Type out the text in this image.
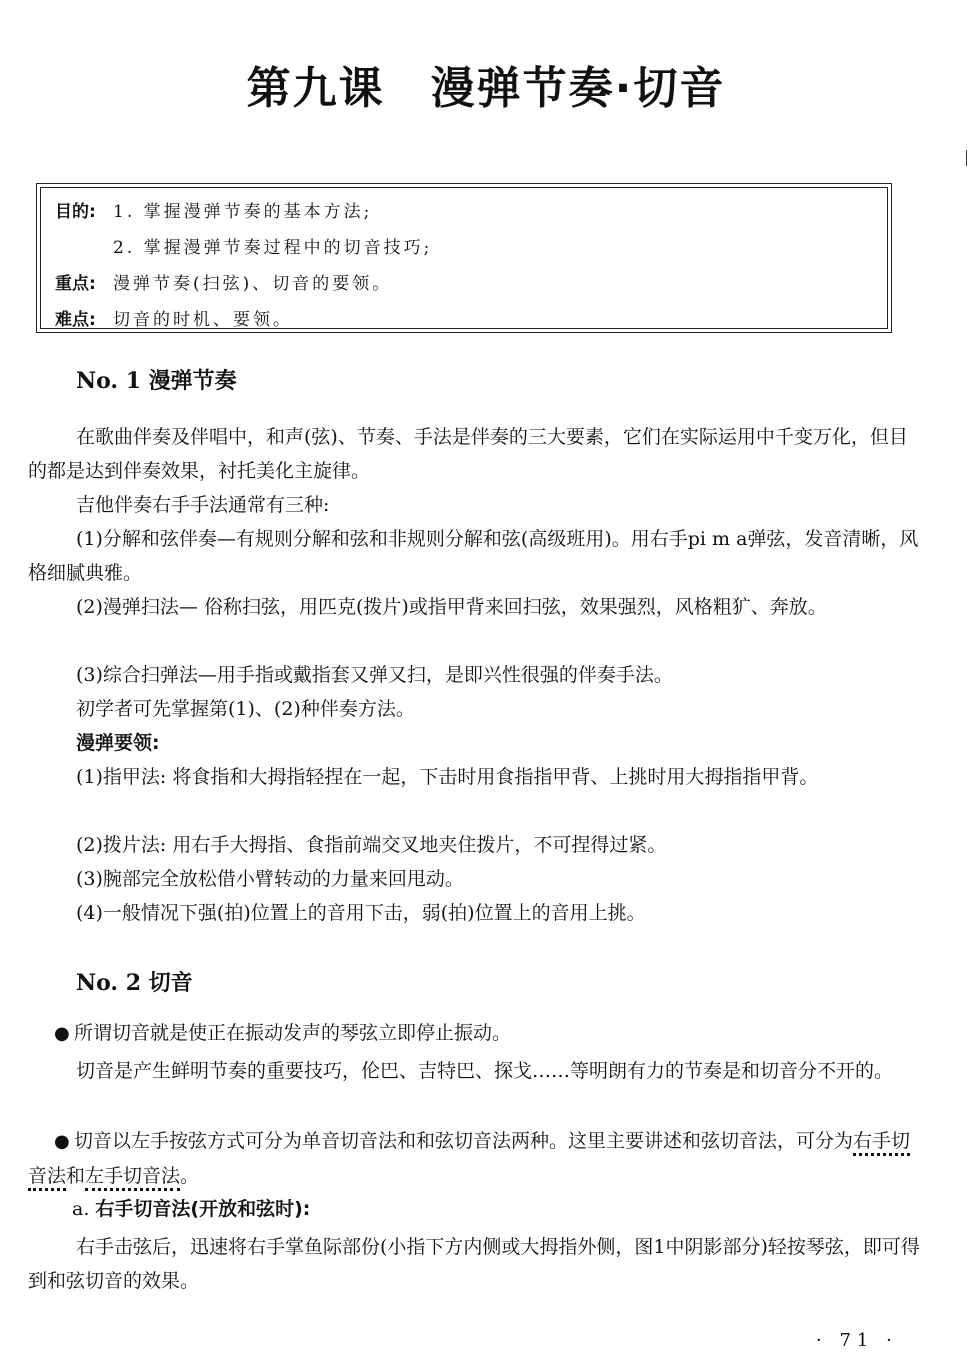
第九课　漫弹节奏·切音
目的: 1. 掌握漫弹节奏的基本方法;
2. 掌握漫弹节奏过程中的切音技巧;
重点: 漫弹节奏(扫弦)、切音的要领。
难点: 切音的时机、要领。
No. 1 漫弹节奏

在歌曲伴奏及伴唱中，和声(弦)、节奏、手法是伴奏的三大要素，它们在实际运用中千变万化，但目的都是达到伴奏效果，衬托美化主旋律。

吉他伴奏右手手法通常有三种:

(1)分解和弦伴奏—有规则分解和弦和非规则分解和弦(高级班用)。用右手pi m a弹弦，发音清晰，风格细腻典雅。

(2)漫弹扫法— 俗称扫弦，用匹克(拨片)或指甲背来回扫弦，效果强烈，风格粗犷、奔放。

(3)综合扫弹法—用手指或戴指套又弹又扫，是即兴性很强的伴奏手法。

初学者可先掌握第(1)、(2)种伴奏方法。

漫弹要领:

(1)指甲法: 将食指和大拇指轻捏在一起，下击时用食指指甲背、上挑时用大拇指指甲背。

(2)拨片法: 用右手大拇指、食指前端交叉地夹住拨片，不可捏得过紧。

(3)腕部完全放松借小臂转动的力量来回甩动。

(4)一般情况下强(拍)位置上的音用下击，弱(拍)位置上的音用上挑。

No. 2 切音

● 所谓切音就是使正在振动发声的琴弦立即停止振动。

切音是产生鲜明节奏的重要技巧，伦巴、吉特巴、探戈……等明朗有力的节奏是和切音分不开的。

● 切音以左手按弦方式可分为单音切音法和和弦切音法两种。这里主要讲述和弦切音法，可分为右手切音法和左手切音法。

a. 右手切音法(开放和弦时):

右手击弦后，迅速将右手掌鱼际部份(小指下方内侧或大拇指外侧，图1中阴影部分)轻按琴弦，即可得到和弦切音的效果。

· 71 ·
